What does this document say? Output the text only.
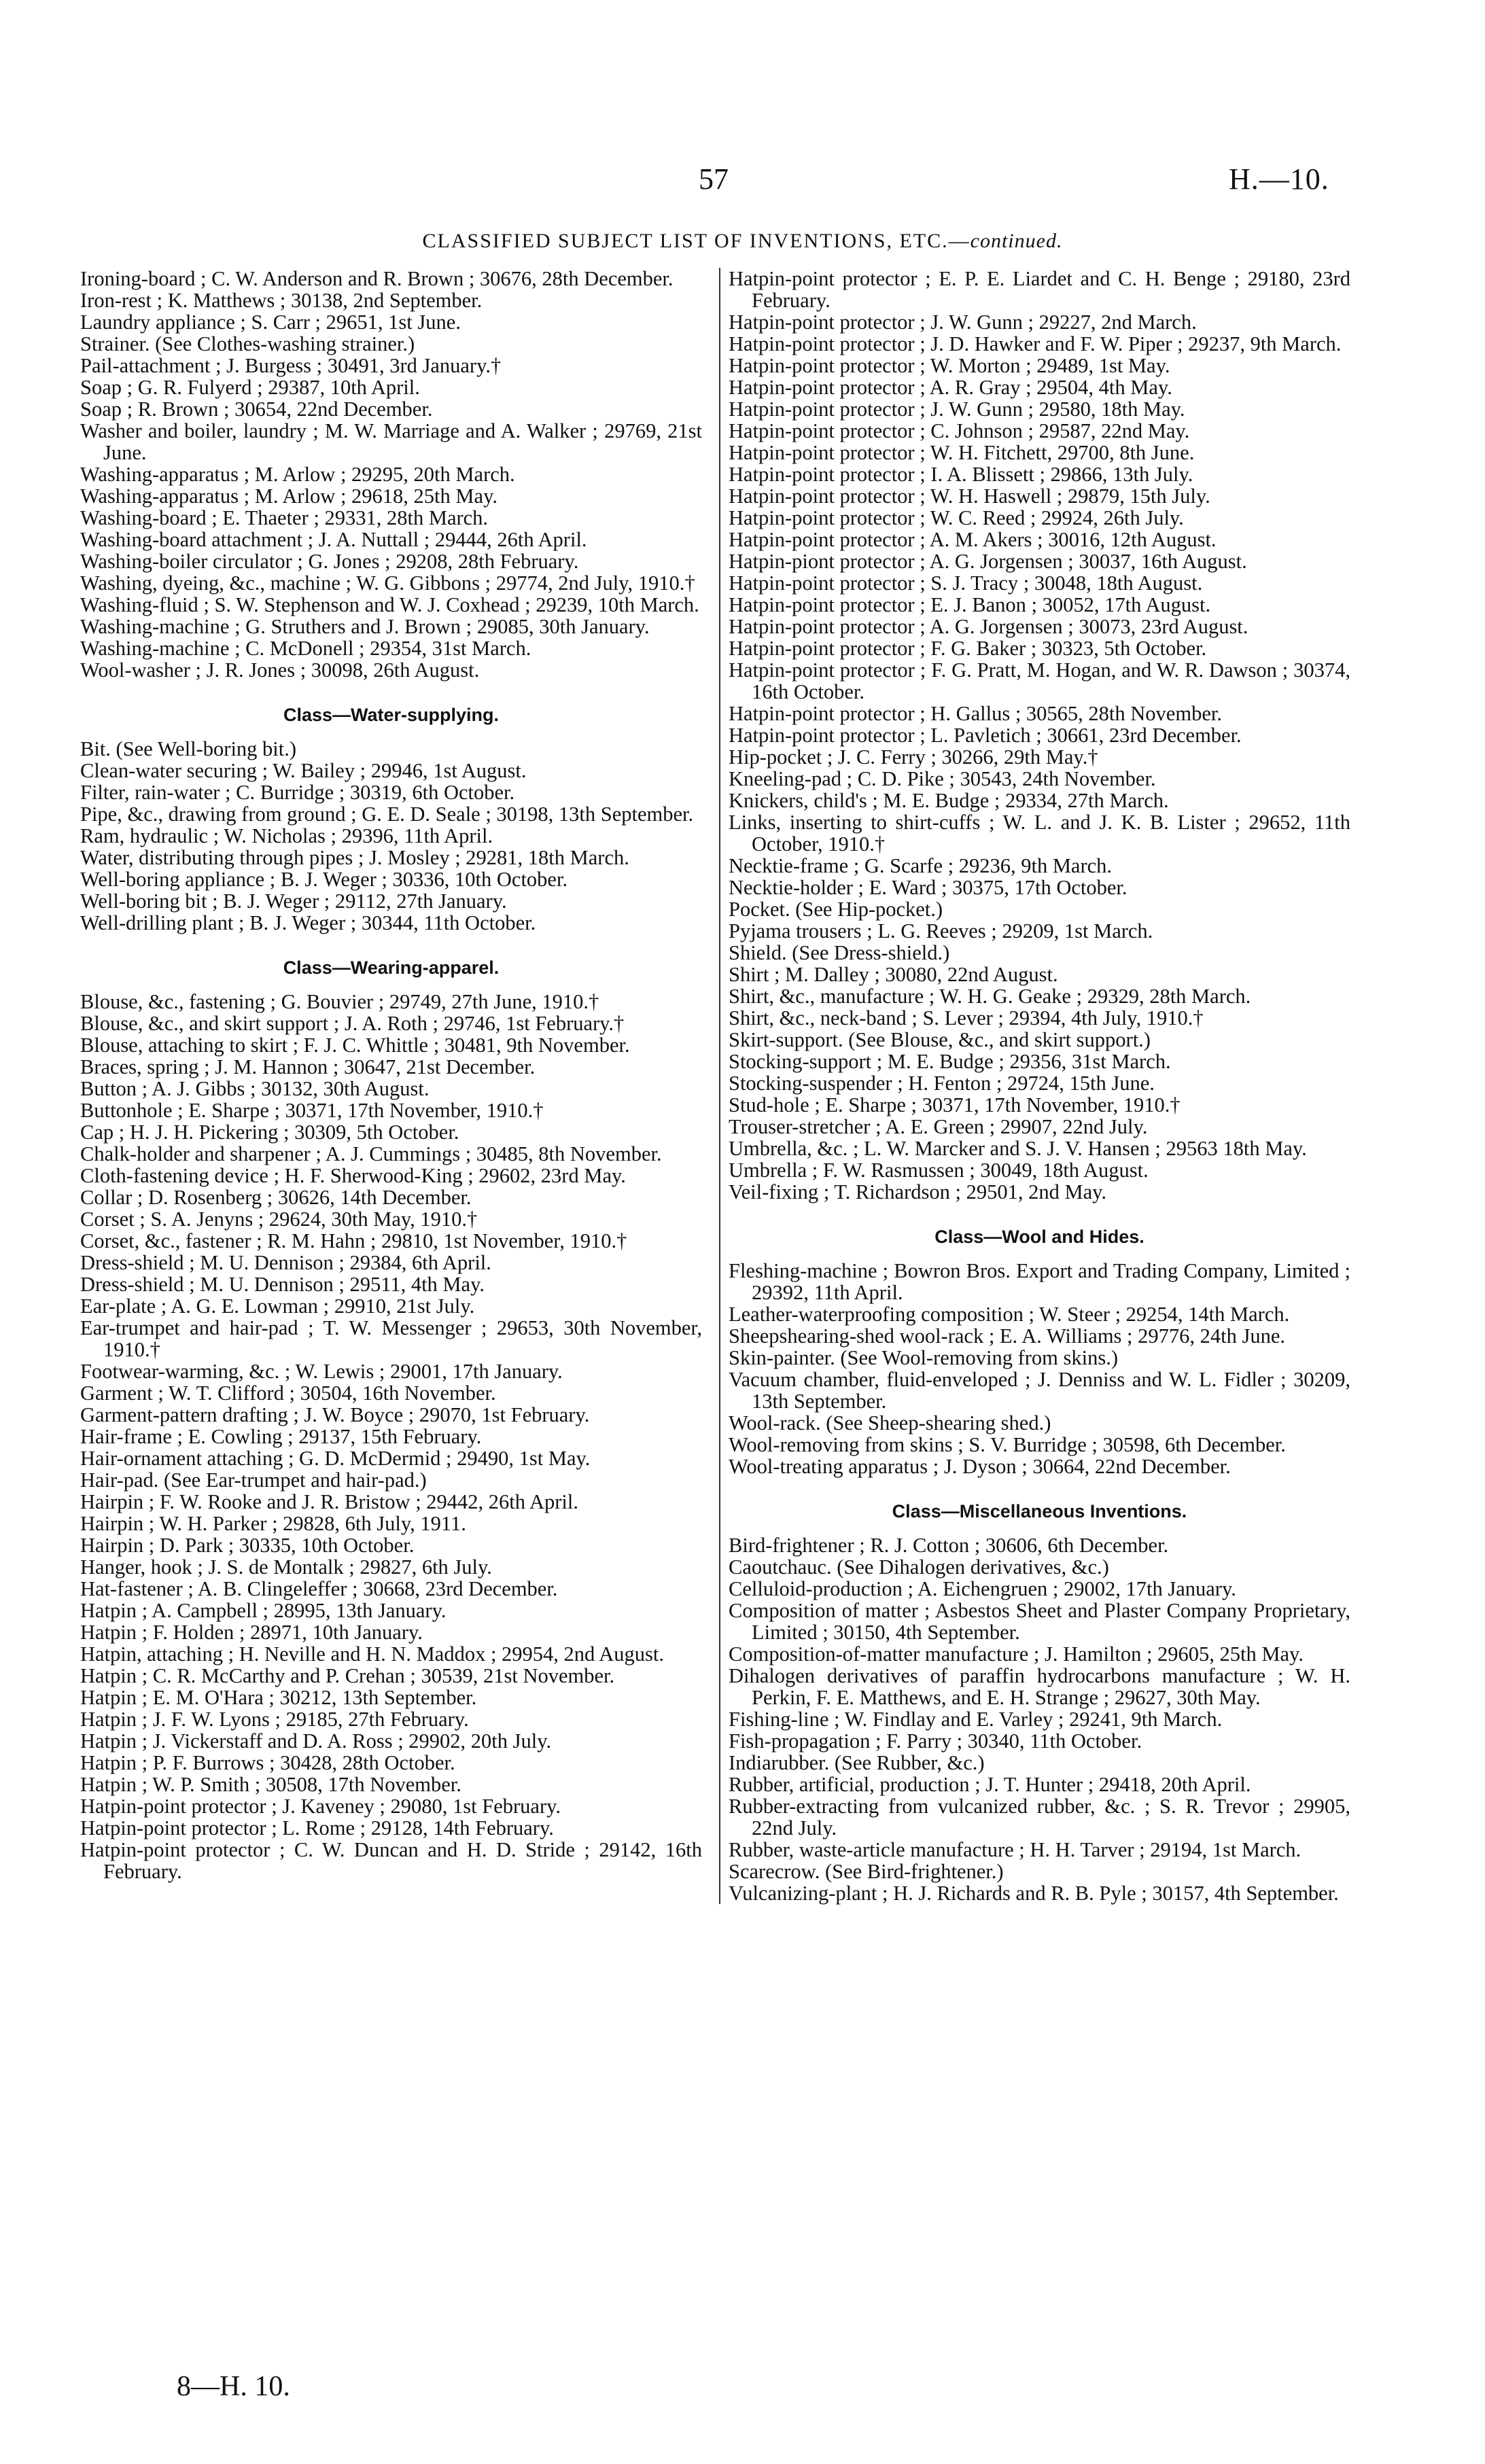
57	H.—10.
CLASSIFIED SUBJECT LIST OF INVENTIONS, ETC.—continued.

Ironing-board ; C. W. Anderson and R. Brown ; 30676, 28th December.

Iron-rest ; K. Matthews ; 30138, 2nd September.

Laundry appliance ; S. Carr ; 29651, 1st June.

Strainer. (See Clothes-washing strainer.)

Pail-attachment ; J. Burgess ; 30491, 3rd January.†

Soap ; G. R. Fulyerd ; 29387, 10th April.

Soap ; R. Brown ; 30654, 22nd December.

Washer and boiler, laundry ; M. W. Marriage and A. Walker ; 29769, 21st June.

Washing-apparatus ; M. Arlow ; 29295, 20th March.

Washing-apparatus ; M. Arlow ; 29618, 25th May.

Washing-board ; E. Thaeter ; 29331, 28th March.

Washing-board attachment ; J. A. Nuttall ; 29444, 26th April.

Washing-boiler circulator ; G. Jones ; 29208, 28th February.

Washing, dyeing, &c., machine ; W. G. Gibbons ; 29774, 2nd July, 1910.†

Washing-fluid ; S. W. Stephenson and W. J. Coxhead ; 29239, 10th March.

Washing-machine ; G. Struthers and J. Brown ; 29085, 30th January.

Washing-machine ; C. McDonell ; 29354, 31st March.

Wool-washer ; J. R. Jones ; 30098, 26th August.

Class—Water-supplying.

Bit. (See Well-boring bit.)

Clean-water securing ; W. Bailey ; 29946, 1st August.

Filter, rain-water ; C. Burridge ; 30319, 6th October.

Pipe, &c., drawing from ground ; G. E. D. Seale ; 30198, 13th September.

Ram, hydraulic ; W. Nicholas ; 29396, 11th April.

Water, distributing through pipes ; J. Mosley ; 29281, 18th March.

Well-boring appliance ; B. J. Weger ; 30336, 10th October.

Well-boring bit ; B. J. Weger ; 29112, 27th January.

Well-drilling plant ; B. J. Weger ; 30344, 11th October.

Class—Wearing-apparel.

Blouse, &c., fastening ; G. Bouvier ; 29749, 27th June, 1910.†

Blouse, &c., and skirt support ; J. A. Roth ; 29746, 1st February.†

Blouse, attaching to skirt ; F. J. C. Whittle ; 30481, 9th November.

Braces, spring ; J. M. Hannon ; 30647, 21st December.

Button ; A. J. Gibbs ; 30132, 30th August.

Buttonhole ; E. Sharpe ; 30371, 17th November, 1910.†

Cap ; H. J. H. Pickering ; 30309, 5th October.

Chalk-holder and sharpener ; A. J. Cummings ; 30485, 8th November.

Cloth-fastening device ; H. F. Sherwood-King ; 29602, 23rd May.

Collar ; D. Rosenberg ; 30626, 14th December.

Corset ; S. A. Jenyns ; 29624, 30th May, 1910.†

Corset, &c., fastener ; R. M. Hahn ; 29810, 1st November, 1910.†

Dress-shield ; M. U. Dennison ; 29384, 6th April.

Dress-shield ; M. U. Dennison ; 29511, 4th May.

Ear-plate ; A. G. E. Lowman ; 29910, 21st July.

Ear-trumpet and hair-pad ; T. W. Messenger ; 29653, 30th November, 1910.†

Footwear-warming, &c. ; W. Lewis ; 29001, 17th January.

Garment ; W. T. Clifford ; 30504, 16th November.

Garment-pattern drafting ; J. W. Boyce ; 29070, 1st February.

Hair-frame ; E. Cowling ; 29137, 15th February.

Hair-ornament attaching ; G. D. McDermid ; 29490, 1st May.

Hair-pad. (See Ear-trumpet and hair-pad.)

Hairpin ; F. W. Rooke and J. R. Bristow ; 29442, 26th April.

Hairpin ; W. H. Parker ; 29828, 6th July, 1911.

Hairpin ; D. Park ; 30335, 10th October.

Hanger, hook ; J. S. de Montalk ; 29827, 6th July.

Hat-fastener ; A. B. Clingeleffer ; 30668, 23rd December.

Hatpin ; A. Campbell ; 28995, 13th January.

Hatpin ; F. Holden ; 28971, 10th January.

Hatpin, attaching ; H. Neville and H. N. Maddox ; 29954, 2nd August.

Hatpin ; C. R. McCarthy and P. Crehan ; 30539, 21st November.

Hatpin ; E. M. O'Hara ; 30212, 13th September.

Hatpin ; J. F. W. Lyons ; 29185, 27th February.

Hatpin ; J. Vickerstaff and D. A. Ross ; 29902, 20th July.

Hatpin ; P. F. Burrows ; 30428, 28th October.

Hatpin ; W. P. Smith ; 30508, 17th November.

Hatpin-point protector ; J. Kaveney ; 29080, 1st February.

Hatpin-point protector ; L. Rome ; 29128, 14th February.

Hatpin-point protector ; C. W. Duncan and H. D. Stride ; 29142, 16th February.

Hatpin-point protector ; E. P. E. Liardet and C. H. Benge ; 29180, 23rd February.

Hatpin-point protector ; J. W. Gunn ; 29227, 2nd March.

Hatpin-point protector ; J. D. Hawker and F. W. Piper ; 29237, 9th March.

Hatpin-point protector ; W. Morton ; 29489, 1st May.

Hatpin-point protector ; A. R. Gray ; 29504, 4th May.

Hatpin-point protector ; J. W. Gunn ; 29580, 18th May.

Hatpin-point protector ; C. Johnson ; 29587, 22nd May.

Hatpin-point protector ; W. H. Fitchett, 29700, 8th June.

Hatpin-point protector ; I. A. Blissett ; 29866, 13th July.

Hatpin-point protector ; W. H. Haswell ; 29879, 15th July.

Hatpin-point protector ; W. C. Reed ; 29924, 26th July.

Hatpin-point protector ; A. M. Akers ; 30016, 12th August.

Hatpin-piont protector ; A. G. Jorgensen ; 30037, 16th August.

Hatpin-point protector ; S. J. Tracy ; 30048, 18th August.

Hatpin-point protector ; E. J. Banon ; 30052, 17th August.

Hatpin-point protector ; A. G. Jorgensen ; 30073, 23rd August.

Hatpin-point protector ; F. G. Baker ; 30323, 5th October.

Hatpin-point protector ; F. G. Pratt, M. Hogan, and W. R. Dawson ; 30374, 16th October.

Hatpin-point protector ; H. Gallus ; 30565, 28th November.

Hatpin-point protector ; L. Pavletich ; 30661, 23rd December.

Hip-pocket ; J. C. Ferry ; 30266, 29th May.†

Kneeling-pad ; C. D. Pike ; 30543, 24th November.

Knickers, child's ; M. E. Budge ; 29334, 27th March.

Links, inserting to shirt-cuffs ; W. L. and J. K. B. Lister ; 29652, 11th October, 1910.†

Necktie-frame ; G. Scarfe ; 29236, 9th March.

Necktie-holder ; E. Ward ; 30375, 17th October.

Pocket. (See Hip-pocket.)

Pyjama trousers ; L. G. Reeves ; 29209, 1st March.

Shield. (See Dress-shield.)

Shirt ; M. Dalley ; 30080, 22nd August.

Shirt, &c., manufacture ; W. H. G. Geake ; 29329, 28th March.

Shirt, &c., neck-band ; S. Lever ; 29394, 4th July, 1910.†

Skirt-support. (See Blouse, &c., and skirt support.)

Stocking-support ; M. E. Budge ; 29356, 31st March.

Stocking-suspender ; H. Fenton ; 29724, 15th June.

Stud-hole ; E. Sharpe ; 30371, 17th November, 1910.†

Trouser-stretcher ; A. E. Green ; 29907, 22nd July.

Umbrella, &c. ; L. W. Marcker and S. J. V. Hansen ; 29563 18th May.

Umbrella ; F. W. Rasmussen ; 30049, 18th August.

Veil-fixing ; T. Richardson ; 29501, 2nd May.

Class—Wool and Hides.

Fleshing-machine ; Bowron Bros. Export and Trading Company, Limited ; 29392, 11th April.

Leather-waterproofing composition ; W. Steer ; 29254, 14th March.

Sheepshearing-shed wool-rack ; E. A. Williams ; 29776, 24th June.

Skin-painter. (See Wool-removing from skins.)

Vacuum chamber, fluid-enveloped ; J. Denniss and W. L. Fidler ; 30209, 13th September.

Wool-rack. (See Sheep-shearing shed.)

Wool-removing from skins ; S. V. Burridge ; 30598, 6th December.

Wool-treating apparatus ; J. Dyson ; 30664, 22nd December.

Class—Miscellaneous Inventions.

Bird-frightener ; R. J. Cotton ; 30606, 6th December.

Caoutchauc. (See Dihalogen derivatives, &c.)

Celluloid-production ; A. Eichengruen ; 29002, 17th January.

Composition of matter ; Asbestos Sheet and Plaster Company Proprietary, Limited ; 30150, 4th September.

Composition-of-matter manufacture ; J. Hamilton ; 29605, 25th May.

Dihalogen derivatives of paraffin hydrocarbons manufacture ; W. H. Perkin, F. E. Matthews, and E. H. Strange ; 29627, 30th May.

Fishing-line ; W. Findlay and E. Varley ; 29241, 9th March.

Fish-propagation ; F. Parry ; 30340, 11th October.

Indiarubber. (See Rubber, &c.)

Rubber, artificial, production ; J. T. Hunter ; 29418, 20th April.

Rubber-extracting from vulcanized rubber, &c. ; S. R. Trevor ; 29905, 22nd July.

Rubber, waste-article manufacture ; H. H. Tarver ; 29194, 1st March.

Scarecrow. (See Bird-frightener.)

Vulcanizing-plant ; H. J. Richards and R. B. Pyle ; 30157, 4th September.

8—H. 10.
